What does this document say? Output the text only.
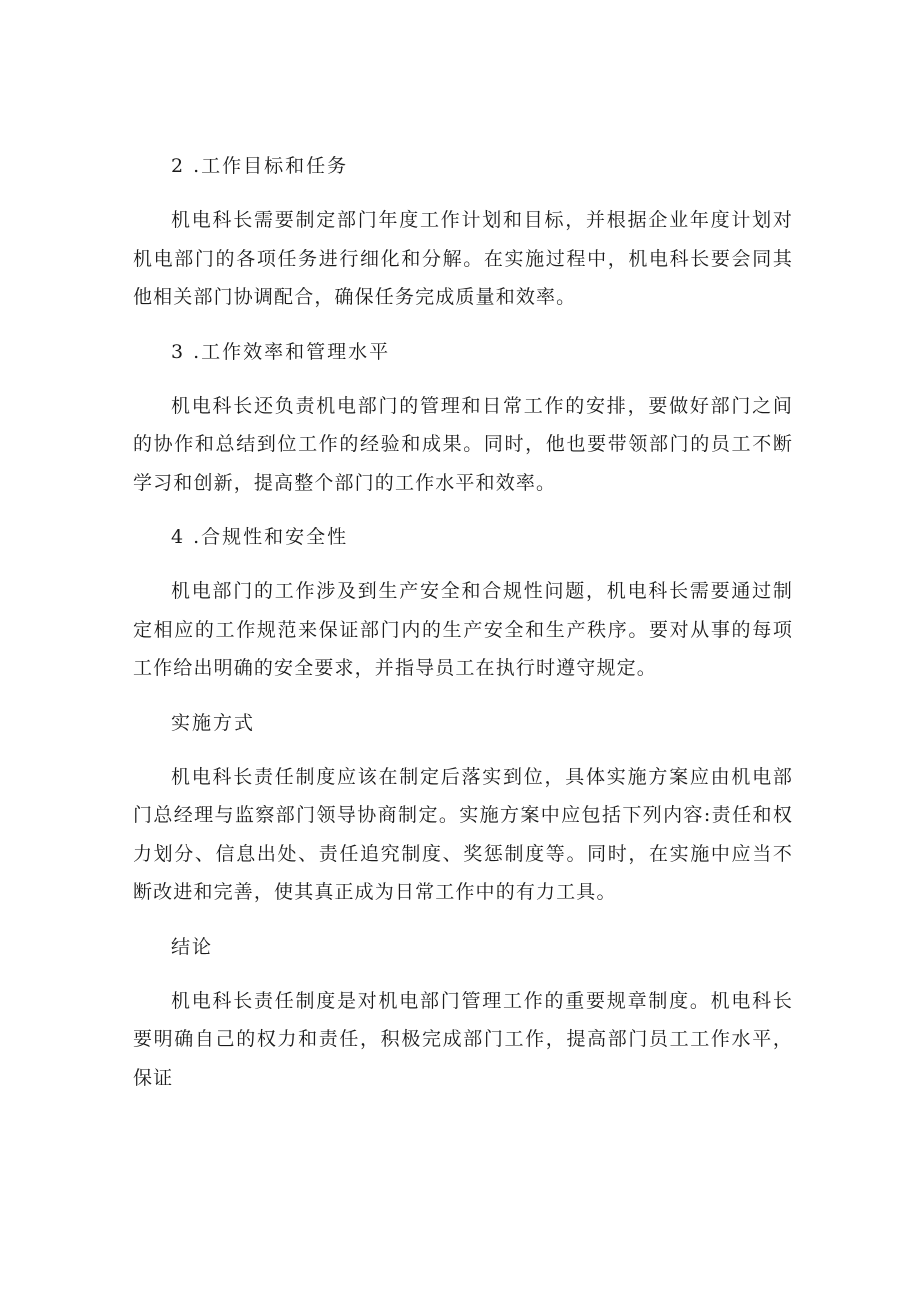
2 .工作目标和任务

机电科长需要制定部门年度工作计划和目标，并根据企业年度计划对机电部门的各项任务进行细化和分解。在实施过程中，机电科长要会同其他相关部门协调配合，确保任务完成质量和效率。

3 .工作效率和管理水平

机电科长还负责机电部门的管理和日常工作的安排，要做好部门之间的协作和总结到位工作的经验和成果。同时，他也要带领部门的员工不断学习和创新，提高整个部门的工作水平和效率。

4 .合规性和安全性

机电部门的工作涉及到生产安全和合规性问题，机电科长需要通过制定相应的工作规范来保证部门内的生产安全和生产秩序。要对从事的每项工作给出明确的安全要求，并指导员工在执行时遵守规定。

实施方式

机电科长责任制度应该在制定后落实到位，具体实施方案应由机电部门总经理与监察部门领导协商制定。实施方案中应包括下列内容:责任和权力划分、信息出处、责任追究制度、奖惩制度等。同时，在实施中应当不断改进和完善，使其真正成为日常工作中的有力工具。

结论

机电科长责任制度是对机电部门管理工作的重要规章制度。机电科长要明确自己的权力和责任，积极完成部门工作，提高部门员工工作水平，保证
